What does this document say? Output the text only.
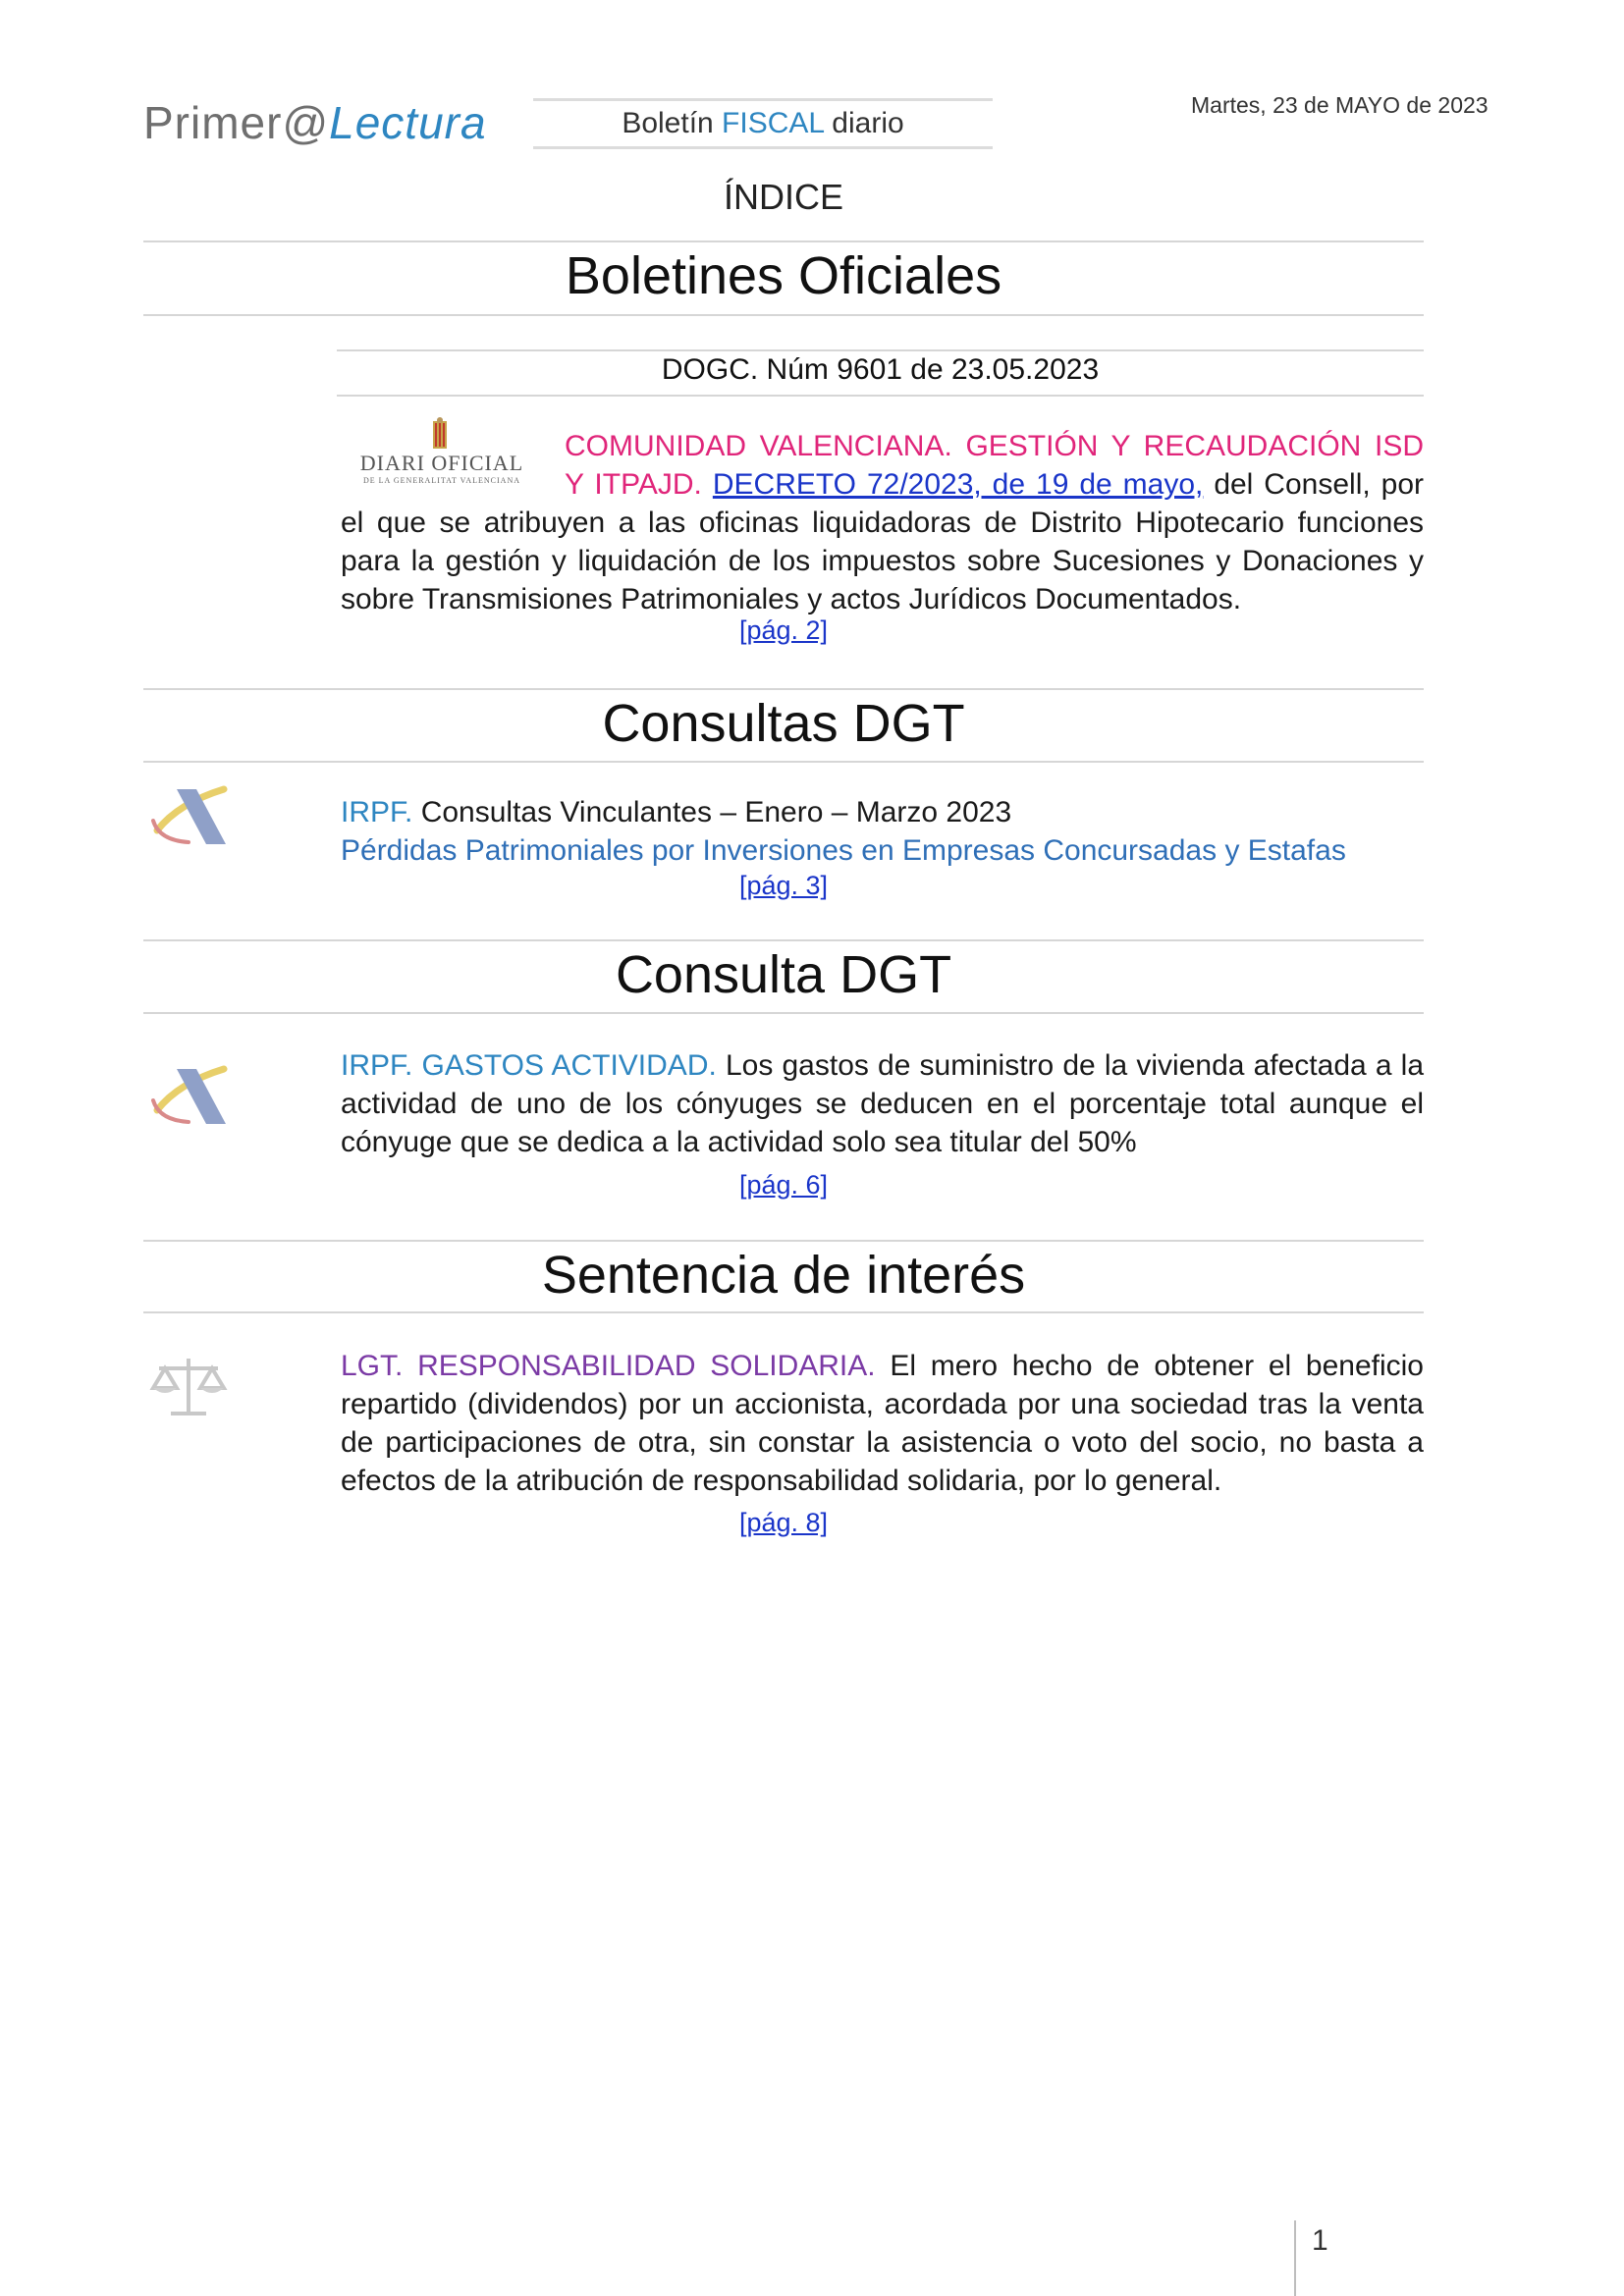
Primer@Lectura	Boletín FISCAL diario
Martes, 23 de MAYO de 2023
ÍNDICE
Boletines Oficiales
DOGC. Núm 9601 de 23.05.2023
DIARI OFICIAL
DE LA GENERALITAT VALENCIANA
COMUNIDAD VALENCIANA. GESTIÓN Y RECAUDACIÓN ISD Y ITPAJD. DECRETO 72/2023, de 19 de mayo, del Consell, por el que se atribuyen a las oficinas liquidadoras de Distrito Hipotecario funciones para la gestión y liquidación de los impuestos sobre Sucesiones y Donaciones y sobre Transmisiones Patrimoniales y actos Jurídicos Documentados.
[pág. 2]
Consultas DGT
IRPF. Consultas Vinculantes – Enero – Marzo 2023
Pérdidas Patrimoniales por Inversiones en Empresas Concursadas y Estafas
[pág. 3]
Consulta DGT
IRPF. GASTOS ACTIVIDAD. Los gastos de suministro de la vivienda afectada a la actividad de uno de los cónyuges se deducen en el porcentaje total aunque el cónyuge que se dedica a la actividad solo sea titular del 50%
[pág. 6]
Sentencia de interés
LGT. RESPONSABILIDAD SOLIDARIA. El mero hecho de obtener el beneficio repartido (dividendos) por un accionista, acordada por una sociedad tras la venta de participaciones de otra, sin constar la asistencia o voto del socio, no basta a efectos de la atribución de responsabilidad solidaria, por lo general.
[pág. 8]
1
